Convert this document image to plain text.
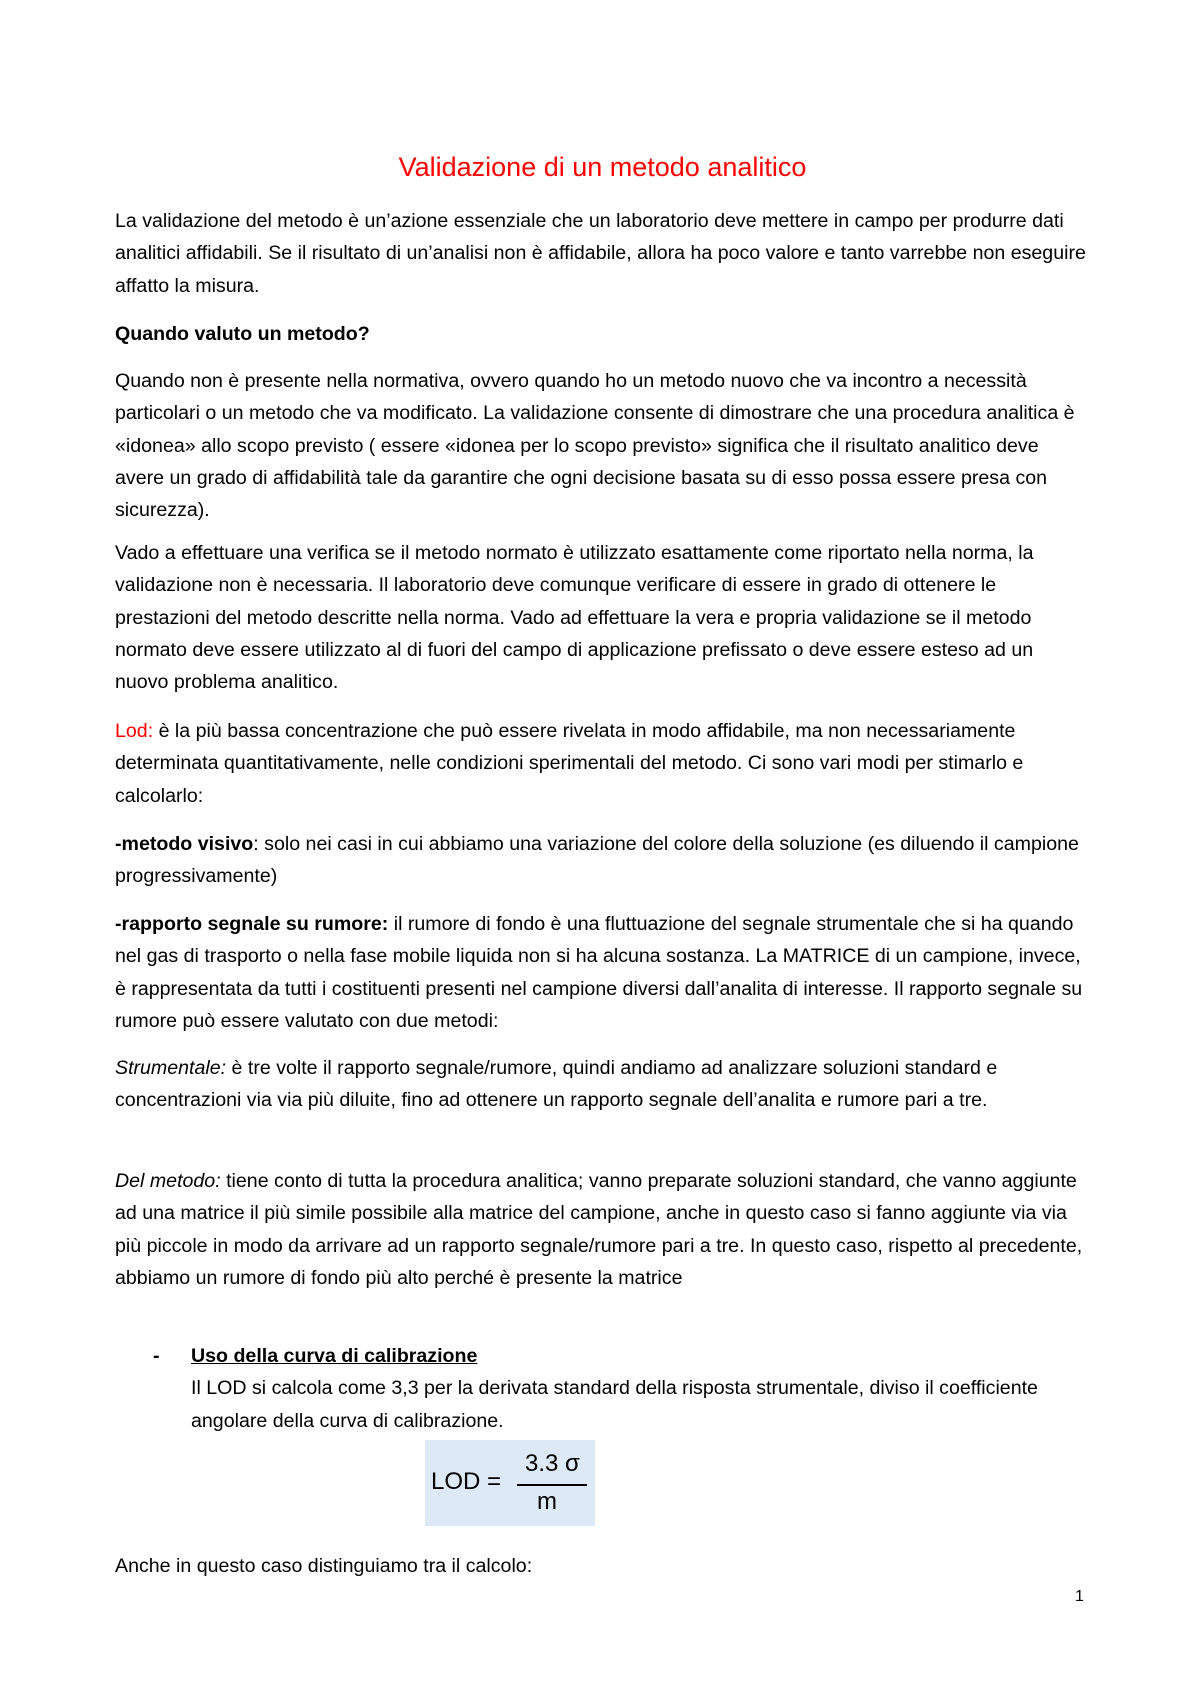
Validazione di un metodo analitico

La validazione del metodo è un’azione essenziale che un laboratorio deve mettere in campo per produrre dati analitici affidabili. Se il risultato di un’analisi non è affidabile, allora ha poco valore e tanto varrebbe non eseguire affatto la misura.

Quando valuto un metodo?

Quando non è presente nella normativa, ovvero quando ho un metodo nuovo che va incontro a necessità particolari o un metodo che va modificato. La validazione consente di dimostrare che una procedura analitica è «idonea» allo scopo previsto ( essere «idonea per lo scopo previsto» significa che il risultato analitico deve avere un grado di affidabilità tale da garantire che ogni decisione basata su di esso possa essere presa con sicurezza).

Vado a effettuare una verifica se il metodo normato è utilizzato esattamente come riportato nella norma, la validazione non è necessaria. Il laboratorio deve comunque verificare di essere in grado di ottenere le prestazioni del metodo descritte nella norma. Vado ad effettuare la vera e propria validazione se il metodo normato deve essere utilizzato al di fuori del campo di applicazione prefissato o deve essere esteso ad un nuovo problema analitico.

Lod: è la più bassa concentrazione che può essere rivelata in modo affidabile, ma non necessariamente determinata quantitativamente, nelle condizioni sperimentali del metodo. Ci sono vari modi per stimarlo e calcolarlo:

-metodo visivo: solo nei casi in cui abbiamo una variazione del colore della soluzione (es diluendo il campione progressivamente)

-rapporto segnale su rumore: il rumore di fondo è una fluttuazione del segnale strumentale che si ha quando nel gas di trasporto o nella fase mobile liquida non si ha alcuna sostanza. La MATRICE di un campione, invece, è rappresentata da tutti i costituenti presenti nel campione diversi dall’analita di interesse. Il rapporto segnale su rumore può essere valutato con due metodi:

Strumentale: è tre volte il rapporto segnale/rumore, quindi andiamo ad analizzare soluzioni standard e concentrazioni via via più diluite, fino ad ottenere un rapporto segnale dell’analita e rumore pari a tre.

Del metodo: tiene conto di tutta la procedura analitica; vanno preparate soluzioni standard, che vanno aggiunte ad una matrice il più simile possibile alla matrice del campione, anche in questo caso si fanno aggiunte via via più piccole in modo da arrivare ad un rapporto segnale/rumore pari a tre. In questo caso, rispetto al precedente, abbiamo un rumore di fondo più alto perché è presente la matrice

- Uso della curva di calibrazione
Il LOD si calcola come 3,3 per la derivata standard della risposta strumentale, diviso il coefficiente angolare della curva di calibrazione.
LOD =
3.3 σ
m

Anche in questo caso distinguiamo tra il calcolo:

1
